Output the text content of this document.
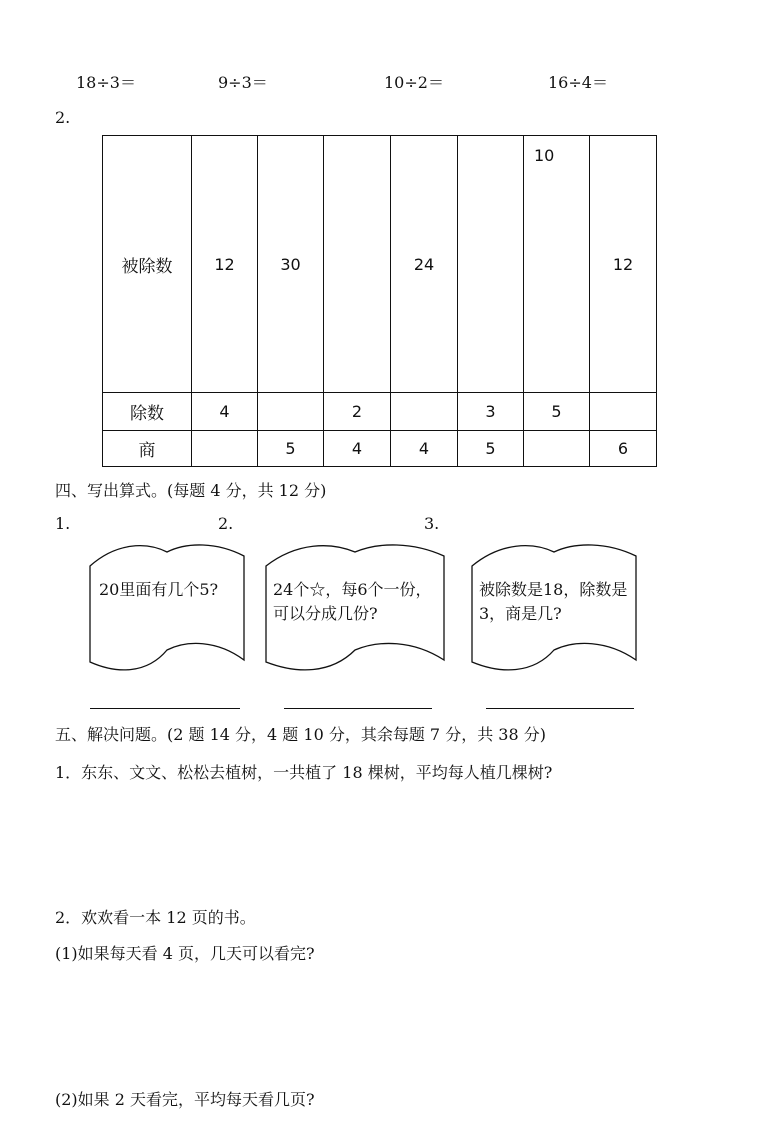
18÷3＝	9÷3＝	10÷2＝	16÷4＝
2.
被除数	12	30		24		10	12
除数	4		2		3	5	
商		5	4	4	5		6
四、写出算式。(每题 4 分，共 12 分)
1.	2.	3.
20里面有几个5?	24个☆，每6个一份，可以分成几份?
被除数是18，除数是3，商是几?
五、解决问题。(2 题 14 分，4 题 10 分，其余每题 7 分，共 38 分)
1．东东、文文、松松去植树，一共植了 18 棵树，平均每人植几棵树?
2．欢欢看一本 12 页的书。
(1)如果每天看 4 页，几天可以看完?
(2)如果 2 天看完，平均每天看几页?
